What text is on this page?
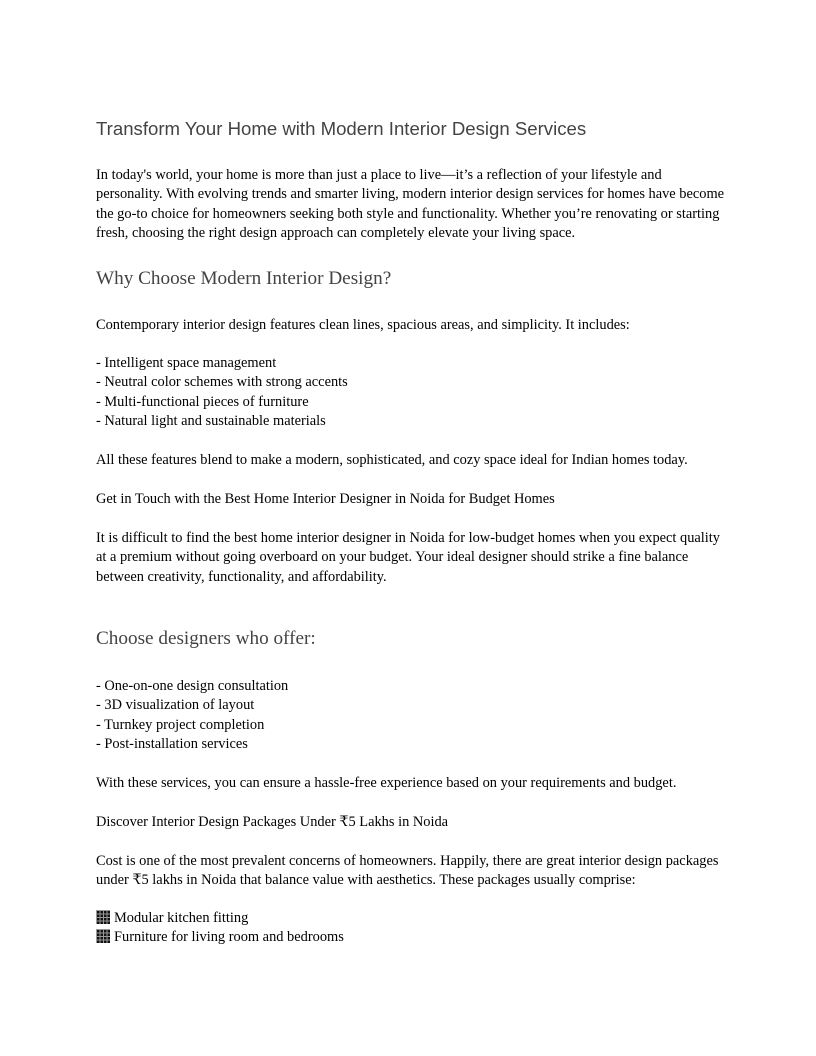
Transform Your Home with Modern Interior Design Services

In today's world, your home is more than just a place to live—it’s a reflection of your lifestyle and personality. With evolving trends and smarter living, modern interior design services for homes have become the go-to choice for homeowners seeking both style and functionality. Whether you’re renovating or starting fresh, choosing the right design approach can completely elevate your living space.

Why Choose Modern Interior Design?

Contemporary interior design features clean lines, spacious areas, and simplicity. It includes:

- Intelligent space management
- Neutral color schemes with strong accents
- Multi-functional pieces of furniture
- Natural light and sustainable materials

All these features blend to make a modern, sophisticated, and cozy space ideal for Indian homes today.

Get in Touch with the Best Home Interior Designer in Noida for Budget Homes

It is difficult to find the best home interior designer in Noida for low-budget homes when you expect quality at a premium without going overboard on your budget. Your ideal designer should strike a fine balance between creativity, functionality, and affordability.

Choose designers who offer:
- One-on-one design consultation
- 3D visualization of layout
- Turnkey project completion
- Post-installation services

With these services, you can ensure a hassle-free experience based on your requirements and budget.

Discover Interior Design Packages Under ₹5 Lakhs in Noida

Cost is one of the most prevalent concerns of homeowners. Happily, there are great interior design packages under ₹5 lakhs in Noida that balance value with aesthetics. These packages usually comprise:

Modular kitchen fitting
Furniture for living room and bedrooms
